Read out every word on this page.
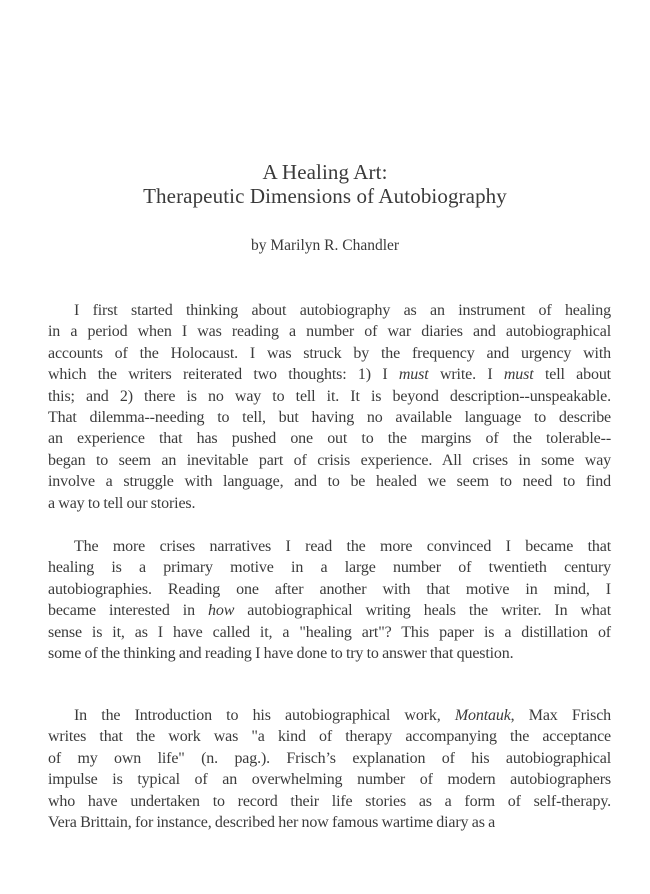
A Healing Art:
Therapeutic Dimensions of Autobiography
by Marilyn R. Chandler
I first started thinking about autobiography as an instrument of healing
in a period when I was reading a number of war diaries and autobiographical
accounts of the Holocaust. I was struck by the frequency and urgency with
which the writers reiterated two thoughts: 1) I must write. I must tell about
this; and 2) there is no way to tell it. It is beyond description--unspeakable.
That dilemma--needing to tell, but having no available language to describe
an experience that has pushed one out to the margins of the tolerable--
began to seem an inevitable part of crisis experience. All crises in some way
involve a struggle with language, and to be healed we seem to need to find
a way to tell our stories.
The more crises narratives I read the more convinced I became that
healing is a primary motive in a large number of twentieth century
autobiographies. Reading one after another with that motive in mind, I
became interested in how autobiographical writing heals the writer. In what
sense is it, as I have called it, a "healing art"? This paper is a distillation of
some of the thinking and reading I have done to try to answer that question.
In the Introduction to his autobiographical work, Montauk, Max Frisch
writes that the work was "a kind of therapy accompanying the acceptance
of my own life" (n. pag.). Frisch’s explanation of his autobiographical
impulse is typical of an overwhelming number of modern autobiographers
who have undertaken to record their life stories as a form of self-therapy.
Vera Brittain, for instance, described her now famous wartime diary as a
